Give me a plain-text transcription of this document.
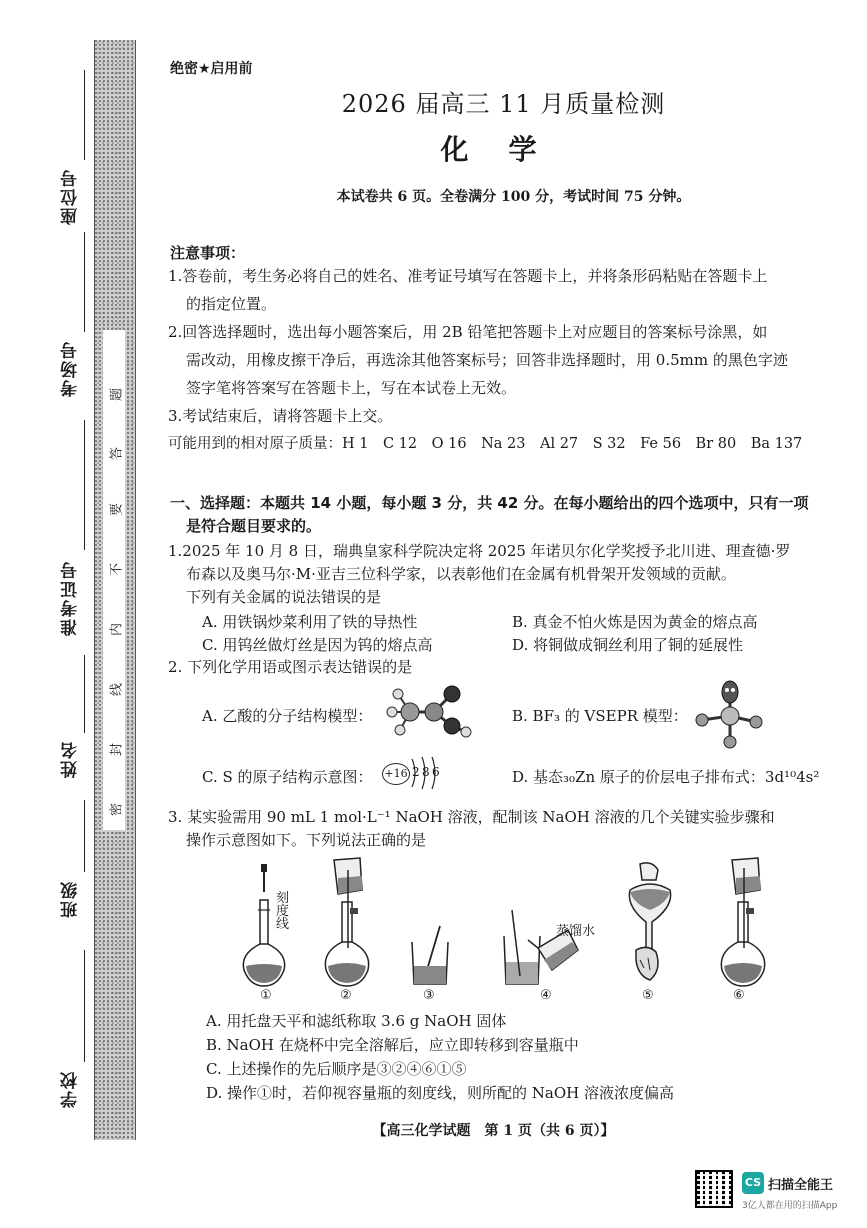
座位号
考场号
准考证号
姓名
班级
学校
题
答
要
不
内
线
封
密
绝密★启用前
2026 届高三 11 月质量检测
化学
本试卷共 6 页。全卷满分 100 分，考试时间 75 分钟。
注意事项：
1.答卷前，考生务必将自己的姓名、准考证号填写在答题卡上，并将条形码粘贴在答题卡上
的指定位置。
2.回答选择题时，选出每小题答案后，用 2B 铅笔把答题卡上对应题目的答案标号涂黑，如
需改动，用橡皮擦干净后，再选涂其他答案标号；回答非选择题时，用 0.5mm 的黑色字迹
签字笔将答案写在答题卡上，写在本试卷上无效。
3.考试结束后，请将答题卡上交。
可能用到的相对原子质量：H 1　C 12　O 16　Na 23　Al 27　S 32　Fe 56　Br 80　Ba 137
一、选择题：本题共 14 小题，每小题 3 分，共 42 分。在每小题给出的四个选项中，只有一项
是符合题目要求的。
1.2025 年 10 月 8 日，瑞典皇家科学院决定将 2025 年诺贝尔化学奖授予北川进、理查德·罗
布森以及奥马尔·M·亚吉三位科学家，以表彰他们在金属有机骨架开发领域的贡献。
下列有关金属的说法错误的是
A. 用铁锅炒菜利用了铁的导热性	B. 真金不怕火炼是因为黄金的熔点高
C. 用钨丝做灯丝是因为钨的熔点高	D. 将铜做成铜丝利用了铜的延展性
2. 下列化学用语或图示表达错误的是
A. 乙酸的分子结构模型：	B. BF₃ 的 VSEPR 模型：
C. S 的原子结构示意图： +16 2 8 6	D. 基态₃₀Zn 原子的价层电子排布式：3d¹⁰4s²
3. 某实验需用 90 mL 1 mol·L⁻¹ NaOH 溶液，配制该 NaOH 溶液的几个关键实验步骤和
操作示意图如下。下列说法正确的是
刻度线	蒸馏水
①	②	③	④	⑤	⑥
A. 用托盘天平和滤纸称取 3.6 g NaOH 固体
B. NaOH 在烧杯中完全溶解后，应立即转移到容量瓶中
C. 上述操作的先后顺序是③②④⑥①⑤
D. 操作①时，若仰视容量瓶的刻度线，则所配的 NaOH 溶液浓度偏高
【高三化学试题　第 1 页（共 6 页）】
CS 扫描全能王
3亿人都在用的扫描App
